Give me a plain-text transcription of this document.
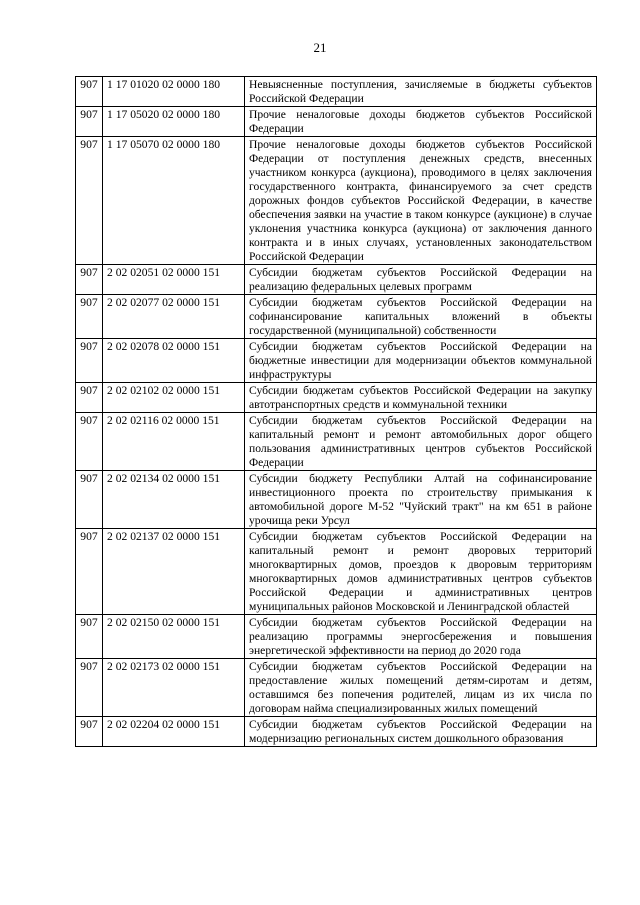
21
907	1 17 01020 02 0000 180	Невыясненные поступления, зачисляемые в бюджеты субъектов Российской Федерации
907	1 17 05020 02 0000 180	Прочие неналоговые доходы бюджетов субъектов Российской Федерации
907	1 17 05070 02 0000 180	Прочие неналоговые доходы бюджетов субъектов Российской Федерации от поступления денежных средств, внесенных участником конкурса (аукциона), проводимого в целях заключения государственного контракта, финансируемого за счет средств дорожных фондов субъектов Российской Федерации, в качестве обеспечения заявки на участие в таком конкурсе (аукционе) в случае уклонения участника конкурса (аукциона) от заключения данного контракта и в иных случаях, установленных законодательством Российской Федерации
907	2 02 02051 02 0000 151	Субсидии бюджетам субъектов Российской Федерации на реализацию федеральных целевых программ
907	2 02 02077 02 0000 151	Субсидии бюджетам субъектов Российской Федерации на софинансирование капитальных вложений в объекты государственной (муниципальной) собственности
907	2 02 02078 02 0000 151	Субсидии бюджетам субъектов Российской Федерации на бюджетные инвестиции для модернизации объектов коммунальной инфраструктуры
907	2 02 02102 02 0000 151	Субсидии бюджетам субъектов Российской Федерации на закупку автотранспортных средств и коммунальной техники
907	2 02 02116 02 0000 151	Субсидии бюджетам субъектов Российской Федерации на капитальный ремонт и ремонт автомобильных дорог общего пользования административных центров субъектов Российской Федерации
907	2 02 02134 02 0000 151	Субсидии бюджету Республики Алтай на софинансирование инвестиционного проекта по строительству примыкания к автомобильной дороге М-52 "Чуйский тракт" на км 651 в районе урочища реки Урсул
907	2 02 02137 02 0000 151	Субсидии бюджетам субъектов Российской Федерации на капитальный ремонт и ремонт дворовых территорий многоквартирных домов, проездов к дворовым территориям многоквартирных домов административных центров субъектов Российской Федерации и административных центров муниципальных районов Московской и Ленинградской областей
907	2 02 02150 02 0000 151	Субсидии бюджетам субъектов Российской Федерации на реализацию программы энергосбережения и повышения энергетической эффективности на период до 2020 года
907	2 02 02173 02 0000 151	Субсидии бюджетам субъектов Российской Федерации на предоставление жилых помещений детям-сиротам и детям, оставшимся без попечения родителей, лицам из их числа по договорам найма специализированных жилых помещений
907	2 02 02204 02 0000 151	Субсидии бюджетам субъектов Российской Федерации на модернизацию региональных систем дошкольного образования
